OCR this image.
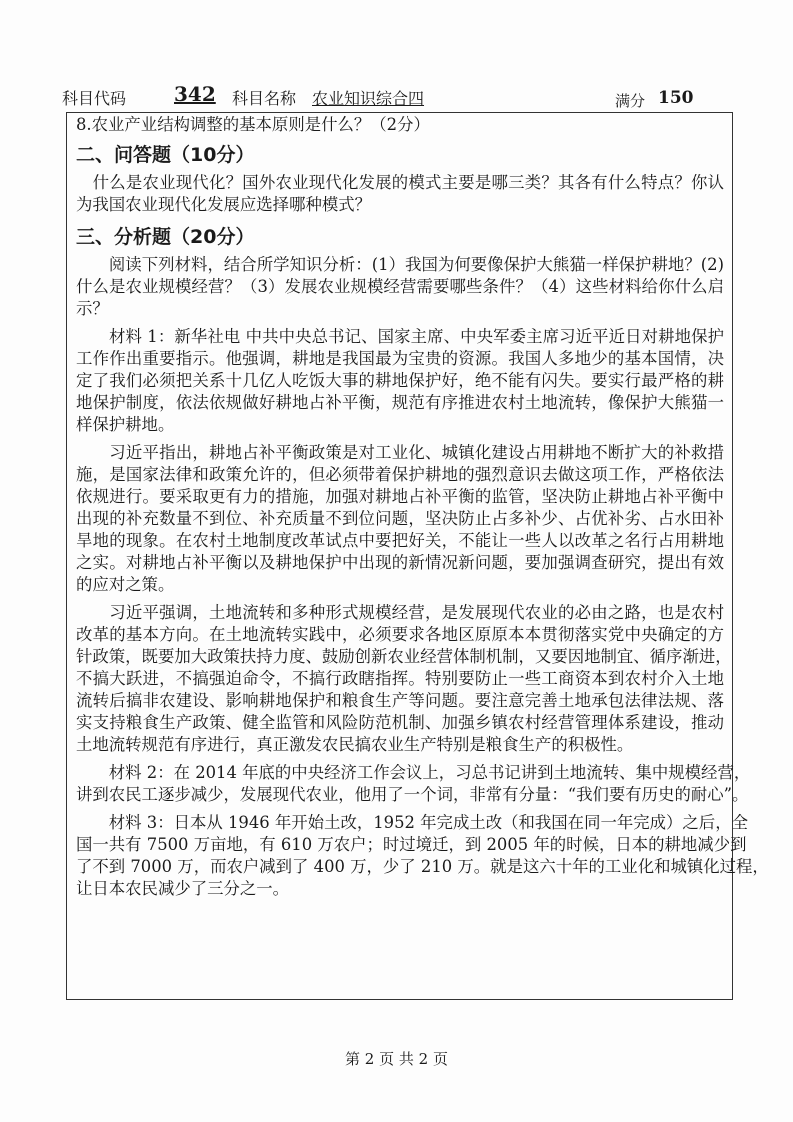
科目代码 342 科目名称 农业知识综合四	满分 150
8.农业产业结构调整的基本原则是什么？（2分）
二、问答题（10分）
　什么是农业现代化？国外农业现代化发展的模式主要是哪三类？其各有什么特点？你认
为我国农业现代化发展应选择哪种模式？
三、分析题（20分）
　　阅读下列材料，结合所学知识分析：(1）我国为何要像保护大熊猫一样保护耕地？(2)
什么是农业规模经营？（3）发展农业规模经营需要哪些条件？（4）这些材料给你什么启
示？
　　材料 1：新华社电 中共中央总书记、国家主席、中央军委主席习近平近日对耕地保护
工作作出重要指示。他强调，耕地是我国最为宝贵的资源。我国人多地少的基本国情，决
定了我们必须把关系十几亿人吃饭大事的耕地保护好，绝不能有闪失。要实行最严格的耕
地保护制度，依法依规做好耕地占补平衡，规范有序推进农村土地流转，像保护大熊猫一
样保护耕地。
　　习近平指出，耕地占补平衡政策是对工业化、城镇化建设占用耕地不断扩大的补救措
施，是国家法律和政策允许的，但必须带着保护耕地的强烈意识去做这项工作，严格依法
依规进行。要采取更有力的措施，加强对耕地占补平衡的监管，坚决防止耕地占补平衡中
出现的补充数量不到位、补充质量不到位问题，坚决防止占多补少、占优补劣、占水田补
旱地的现象。在农村土地制度改革试点中要把好关，不能让一些人以改革之名行占用耕地
之实。对耕地占补平衡以及耕地保护中出现的新情况新问题，要加强调查研究，提出有效
的应对之策。
　　习近平强调，土地流转和多种形式规模经营，是发展现代农业的必由之路，也是农村
改革的基本方向。在土地流转实践中，必须要求各地区原原本本贯彻落实党中央确定的方
针政策，既要加大政策扶持力度、鼓励创新农业经营体制机制，又要因地制宜、循序渐进，
不搞大跃进，不搞强迫命令，不搞行政瞎指挥。特别要防止一些工商资本到农村介入土地
流转后搞非农建设、影响耕地保护和粮食生产等问题。要注意完善土地承包法律法规、落
实支持粮食生产政策、健全监管和风险防范机制、加强乡镇农村经营管理体系建设，推动
土地流转规范有序进行，真正激发农民搞农业生产特别是粮食生产的积极性。
　　材料 2：在 2014 年底的中央经济工作会议上，习总书记讲到土地流转、集中规模经营，
讲到农民工逐步减少，发展现代农业，他用了一个词，非常有分量：“我们要有历史的耐心”。
　　材料 3：日本从 1946 年开始土改，1952 年完成土改（和我国在同一年完成）之后，全
国一共有 7500 万亩地，有 610 万农户；时过境迁，到 2005 年的时候，日本的耕地减少到
了不到 7000 万，而农户减到了 400 万，少了 210 万。就是这六十年的工业化和城镇化过程，
让日本农民减少了三分之一。
第 2 页 共 2 页
